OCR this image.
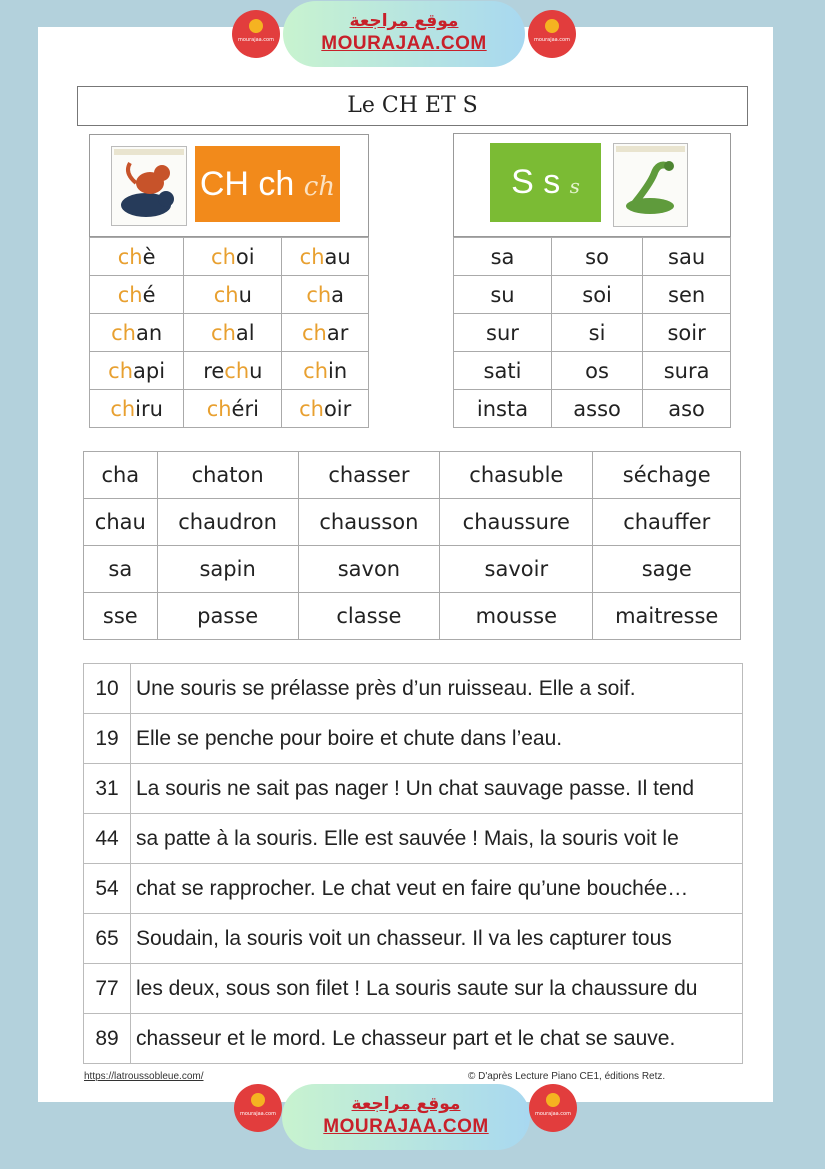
mourajaa.com
موقع مراجعة
MOURAJAA.COM	mourajaa.com
Le CH ET S
CH ch ch
chè	choi	chau
ché	chu	cha
chan	chal	char
chapi	rechu	chin
chiru	chéri	choir
S s s
sa	so	sau
su	soi	sen
sur	si	soir
sati	os	sura
insta	asso	aso
cha	chaton	chasser	chasuble	séchage
chau	chaudron	chausson	chaussure	chauffer
sa	sapin	savon	savoir	sage
sse	passe	classe	mousse	maitresse
10	Une souris se prélasse près d’un ruisseau. Elle a soif.
19	Elle se penche pour boire et chute dans l’eau.
31	La souris ne sait pas nager ! Un chat sauvage passe. Il tend
44	sa patte à la souris. Elle est sauvée ! Mais, la souris voit le
54	chat se rapprocher. Le chat veut en faire qu’une bouchée…
65	Soudain, la souris voit un chasseur. Il va les capturer tous
77	les deux, sous son filet ! La souris saute sur la chaussure du
89	chasseur et le mord. Le chasseur part et le chat se sauve.
https://latroussobleue.com/	© D'après Lecture Piano CE1, éditions Retz.
mourajaa.com	موقع مراجعة
MOURAJAA.COM
mourajaa.com
